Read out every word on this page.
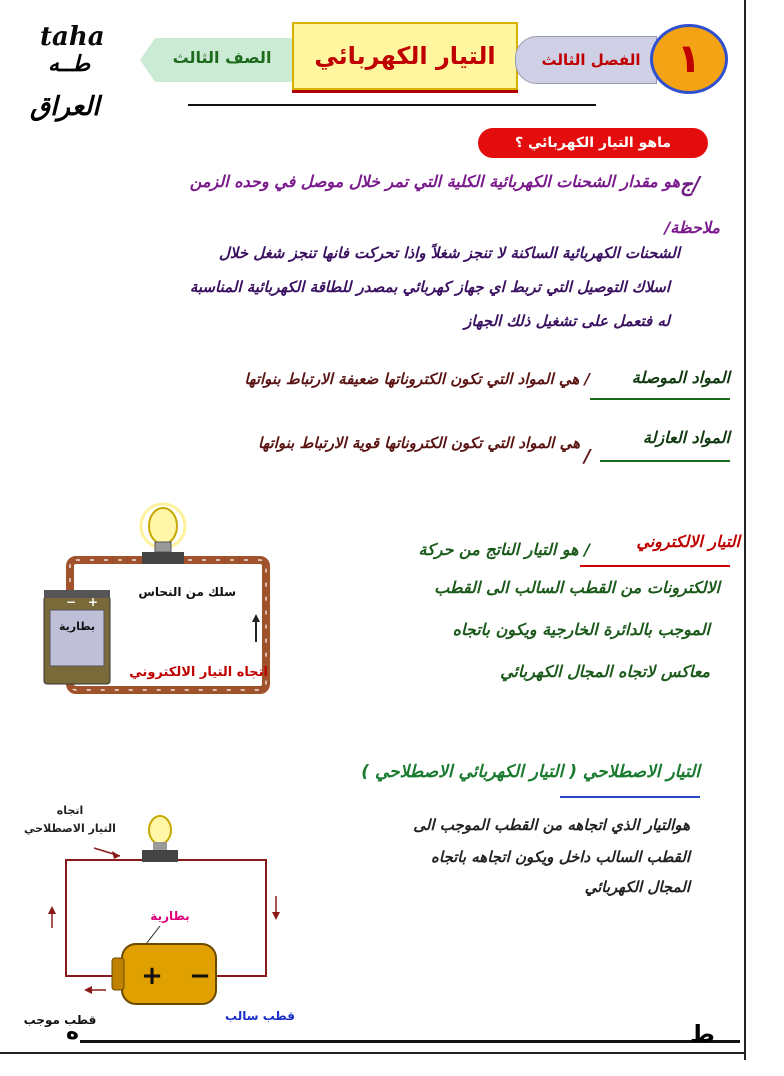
taha
طــه
العراق
الصف الثالث	التيار الكهربائي	الفصل الثالث ١
ماهو التيار الكهربائي ؟
ج/
هو مقدار الشحنات الكهربائية الكلية التي تمر خلال موصل في وحده الزمن
ملاحظة/
الشحنات الكهربائية الساكنة لا تنجز شغلاً واذا تحركت فانها تنجز شغل خلال
اسلاك التوصيل التي تربط اي جهاز كهربائي بمصدر للطاقة الكهربائية المناسبة
له فتعمل على تشغيل ذلك الجهاز
المواد الموصلة
/ هي المواد التي تكون الكتروناتها ضعيفة الارتباط بنواتها
المواد العازلة
/
هي المواد التي تكون الكتروناتها قوية الارتباط بنواتها
سلك من النحاس
بطارية
− +
اتجاه التيار الالكتروني
التيار الالكتروني
/ هو التيار الناتج من حركة
الالكترونات من القطب السالب الى القطب
الموجب بالدائرة الخارجية ويكون باتجاه
معاكس لاتجاه المجال الكهربائي
التيار الاصطلاحي ( التيار الكهربائي الاصطلاحي )
هوالتيار الذي اتجاهه من القطب الموجب الى
القطب السالب داخل ويكون اتجاهه باتجاه
المجال الكهربائي
اتجاه
التيار الاصطلاحي
بطارية
+ −
قطب موجب	قطب سالب
ه	ط
